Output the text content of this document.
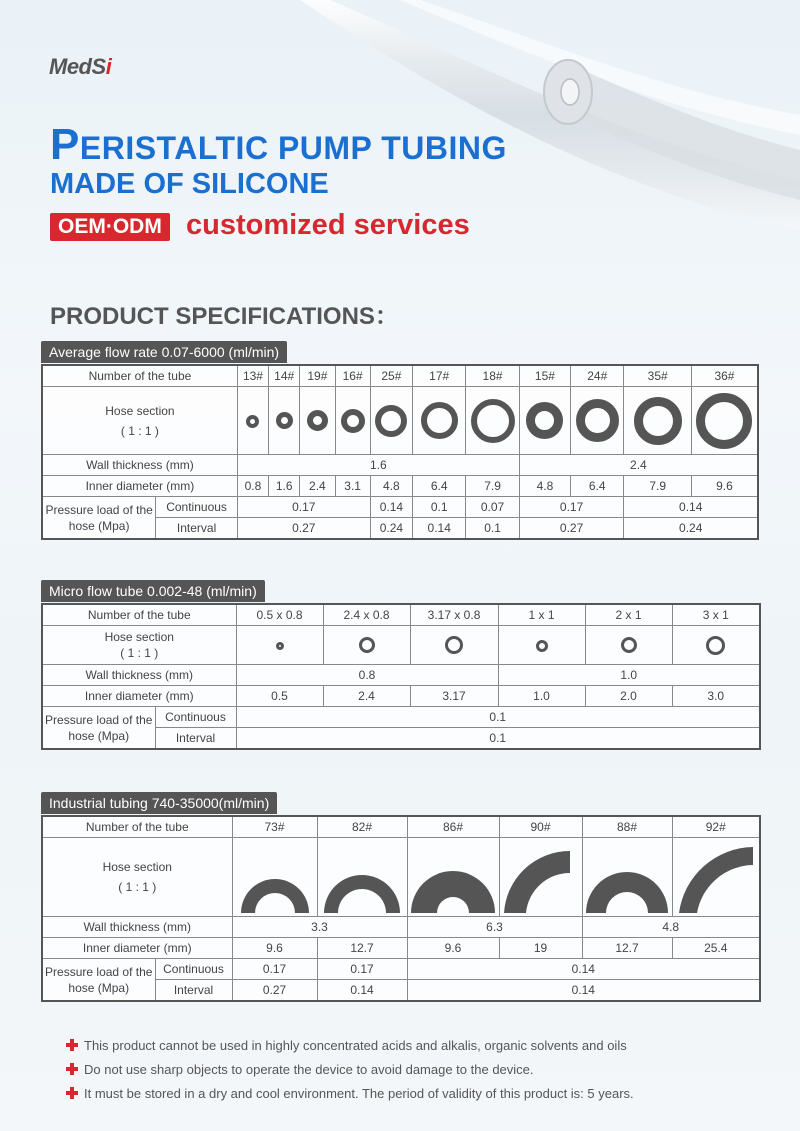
MedSi
PERISTALTIC PUMP TUBING
MADE OF SILICONE
OEM·ODM customized services
PRODUCT SPECIFICATIONS：
Average flow rate 0.07-6000 (ml/min)
Number of the tube		13#	14#	19#	16#	25#	17#	18#	15#	24#	35#	36#
Hose section
( 1 : 1 )												
Wall thickness (mm)		1.6							2.4			
Inner diameter (mm)		0.8	1.6	2.4	3.1	4.8	6.4	7.9	4.8	6.4	7.9	9.6
Pressure load of the hose (Mpa)	Continuous	0.17				0.14	0.1	0.07	0.17		0.14	
	Interval	0.27				0.24	0.14	0.1	0.27		0.24	
Micro flow tube 0.002-48 (ml/min)
Number of the tube		0.5 x 0.8	2.4 x 0.8	3.17 x 0.8	1 x 1	2 x 1	3 x 1
Hose section
( 1 : 1 )							
Wall thickness (mm)		0.8			1.0		
Inner diameter (mm)		0.5	2.4	3.17	1.0	2.0	3.0
Pressure load of the hose (Mpa)	Continuous	0.1					
	Interval	0.1					
Industrial tubing 740-35000(ml/min)
Number of the tube		73#	82#	86#	90#	88#	92#
Hose section
( 1 : 1 )						
Wall thickness (mm)		3.3		6.3		4.8	
Inner diameter (mm)		9.6	12.7	9.6	19	12.7	25.4
Pressure load of the hose (Mpa)	Continuous	0.17	0.17	0.14			
	Interval	0.27	0.14	0.14			
This product cannot be used in highly concentrated acids and alkalis, organic solvents and oils
Do not use sharp objects to operate the device to avoid damage to the device.
It must be stored in a dry and cool environment. The period of validity of this product is: 5 years.
